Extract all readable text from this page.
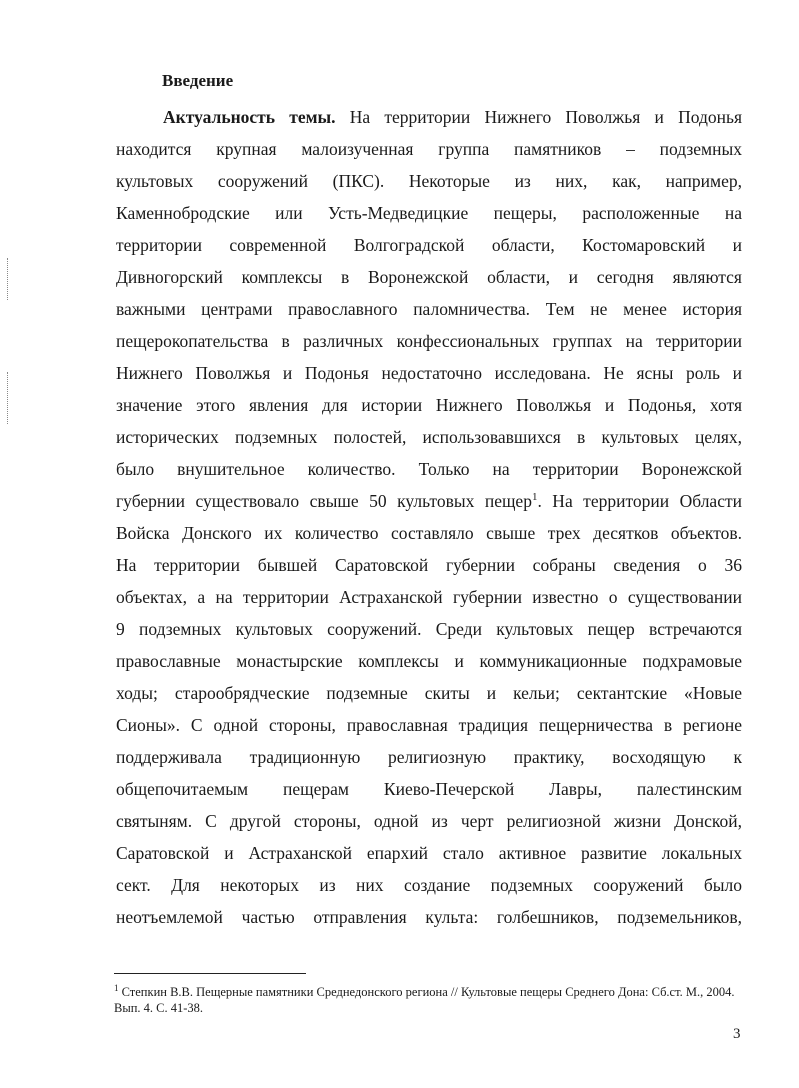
Введение
Актуальность темы. На территории Нижнего Поволжья и Подонья
находится крупная малоизученная группа памятников – подземных
культовых сооружений (ПКС). Некоторые из них, как, например,
Каменнобродские или Усть-Медведицкие пещеры, расположенные на
территории современной Волгоградской области, Костомаровский и
Дивногорский комплексы в Воронежской области, и сегодня являются
важными центрами православного паломничества. Тем не менее история
пещерокопательства в различных конфессиональных группах на территории
Нижнего Поволжья и Подонья недостаточно исследована. Не ясны роль и
значение этого явления для истории Нижнего Поволжья и Подонья, хотя
исторических подземных полостей, использовавшихся в культовых целях,
было внушительное количество. Только на территории Воронежской
губернии существовало свыше 50 культовых пещер$^1$. На территории Области
Войска Донского их количество составляло свыше трех десятков объектов.
На территории бывшей Саратовской губернии собраны сведения о 36
объектах, а на территории Астраханской губернии известно о существовании
9 подземных культовых сооружений. Среди культовых пещер встречаются
православные монастырские комплексы и коммуникационные подхрамовые
ходы; старообрядческие подземные скиты и кельи; сектантские «Новые
Сионы». С одной стороны, православная традиция пещерничества в регионе
поддерживала традиционную религиозную практику, восходящую к
общепочитаемым пещерам Киево-Печерской Лавры, палестинским
святыням. С другой стороны, одной из черт религиозной жизни Донской,
Саратовской и Астраханской епархий стало активное развитие локальных
сект. Для некоторых из них создание подземных сооружений было
неотъемлемой частью отправления культа: голбешников, подземельников,
$^1$ Степкин В.В. Пещерные памятники Среднедонского региона // Культовые пещеры Среднего Дона: Сб.ст. М., 2004. Вып. 4. С. 41-38.
3
